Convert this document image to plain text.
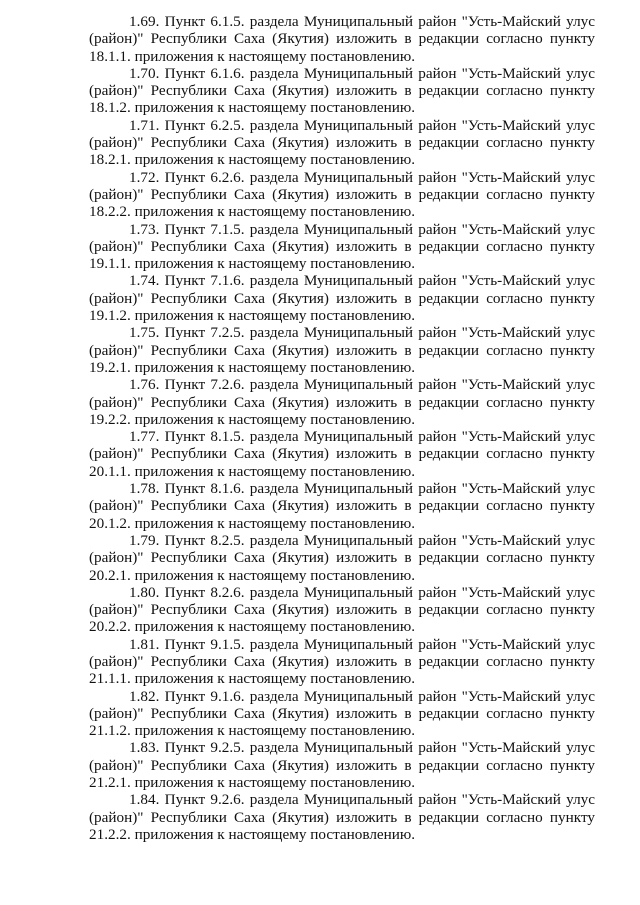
1.69. Пункт 6.1.5. раздела Муниципальный район "Усть-Майский улус (район)" Республики Саха (Якутия) изложить в редакции согласно пункту 18.1.1. приложения к настоящему постановлению.

1.70. Пункт 6.1.6. раздела Муниципальный район "Усть-Майский улус (район)" Республики Саха (Якутия) изложить в редакции согласно пункту 18.1.2. приложения к настоящему постановлению.

1.71. Пункт 6.2.5. раздела Муниципальный район "Усть-Майский улус (район)" Республики Саха (Якутия) изложить в редакции согласно пункту 18.2.1. приложения к настоящему постановлению.

1.72. Пункт 6.2.6. раздела Муниципальный район "Усть-Майский улус (район)" Республики Саха (Якутия) изложить в редакции согласно пункту 18.2.2. приложения к настоящему постановлению.

1.73. Пункт 7.1.5. раздела Муниципальный район "Усть-Майский улус (район)" Республики Саха (Якутия) изложить в редакции согласно пункту 19.1.1. приложения к настоящему постановлению.

1.74. Пункт 7.1.6. раздела Муниципальный район "Усть-Майский улус (район)" Республики Саха (Якутия) изложить в редакции согласно пункту 19.1.2. приложения к настоящему постановлению.

1.75. Пункт 7.2.5. раздела Муниципальный район "Усть-Майский улус (район)" Республики Саха (Якутия) изложить в редакции согласно пункту 19.2.1. приложения к настоящему постановлению.

1.76. Пункт 7.2.6. раздела Муниципальный район "Усть-Майский улус (район)" Республики Саха (Якутия) изложить в редакции согласно пункту 19.2.2. приложения к настоящему постановлению.

1.77. Пункт 8.1.5. раздела Муниципальный район "Усть-Майский улус (район)" Республики Саха (Якутия) изложить в редакции согласно пункту 20.1.1. приложения к настоящему постановлению.

1.78. Пункт 8.1.6. раздела Муниципальный район "Усть-Майский улус (район)" Республики Саха (Якутия) изложить в редакции согласно пункту 20.1.2. приложения к настоящему постановлению.

1.79. Пункт 8.2.5. раздела Муниципальный район "Усть-Майский улус (район)" Республики Саха (Якутия) изложить в редакции согласно пункту 20.2.1. приложения к настоящему постановлению.

1.80. Пункт 8.2.6. раздела Муниципальный район "Усть-Майский улус (район)" Республики Саха (Якутия) изложить в редакции согласно пункту 20.2.2. приложения к настоящему постановлению.

1.81. Пункт 9.1.5. раздела Муниципальный район "Усть-Майский улус (район)" Республики Саха (Якутия) изложить в редакции согласно пункту 21.1.1. приложения к настоящему постановлению.

1.82. Пункт 9.1.6. раздела Муниципальный район "Усть-Майский улус (район)" Республики Саха (Якутия) изложить в редакции согласно пункту 21.1.2. приложения к настоящему постановлению.

1.83. Пункт 9.2.5. раздела Муниципальный район "Усть-Майский улус (район)" Республики Саха (Якутия) изложить в редакции согласно пункту 21.2.1. приложения к настоящему постановлению.

1.84. Пункт 9.2.6. раздела Муниципальный район "Усть-Майский улус (район)" Республики Саха (Якутия) изложить в редакции согласно пункту 21.2.2. приложения к настоящему постановлению.
